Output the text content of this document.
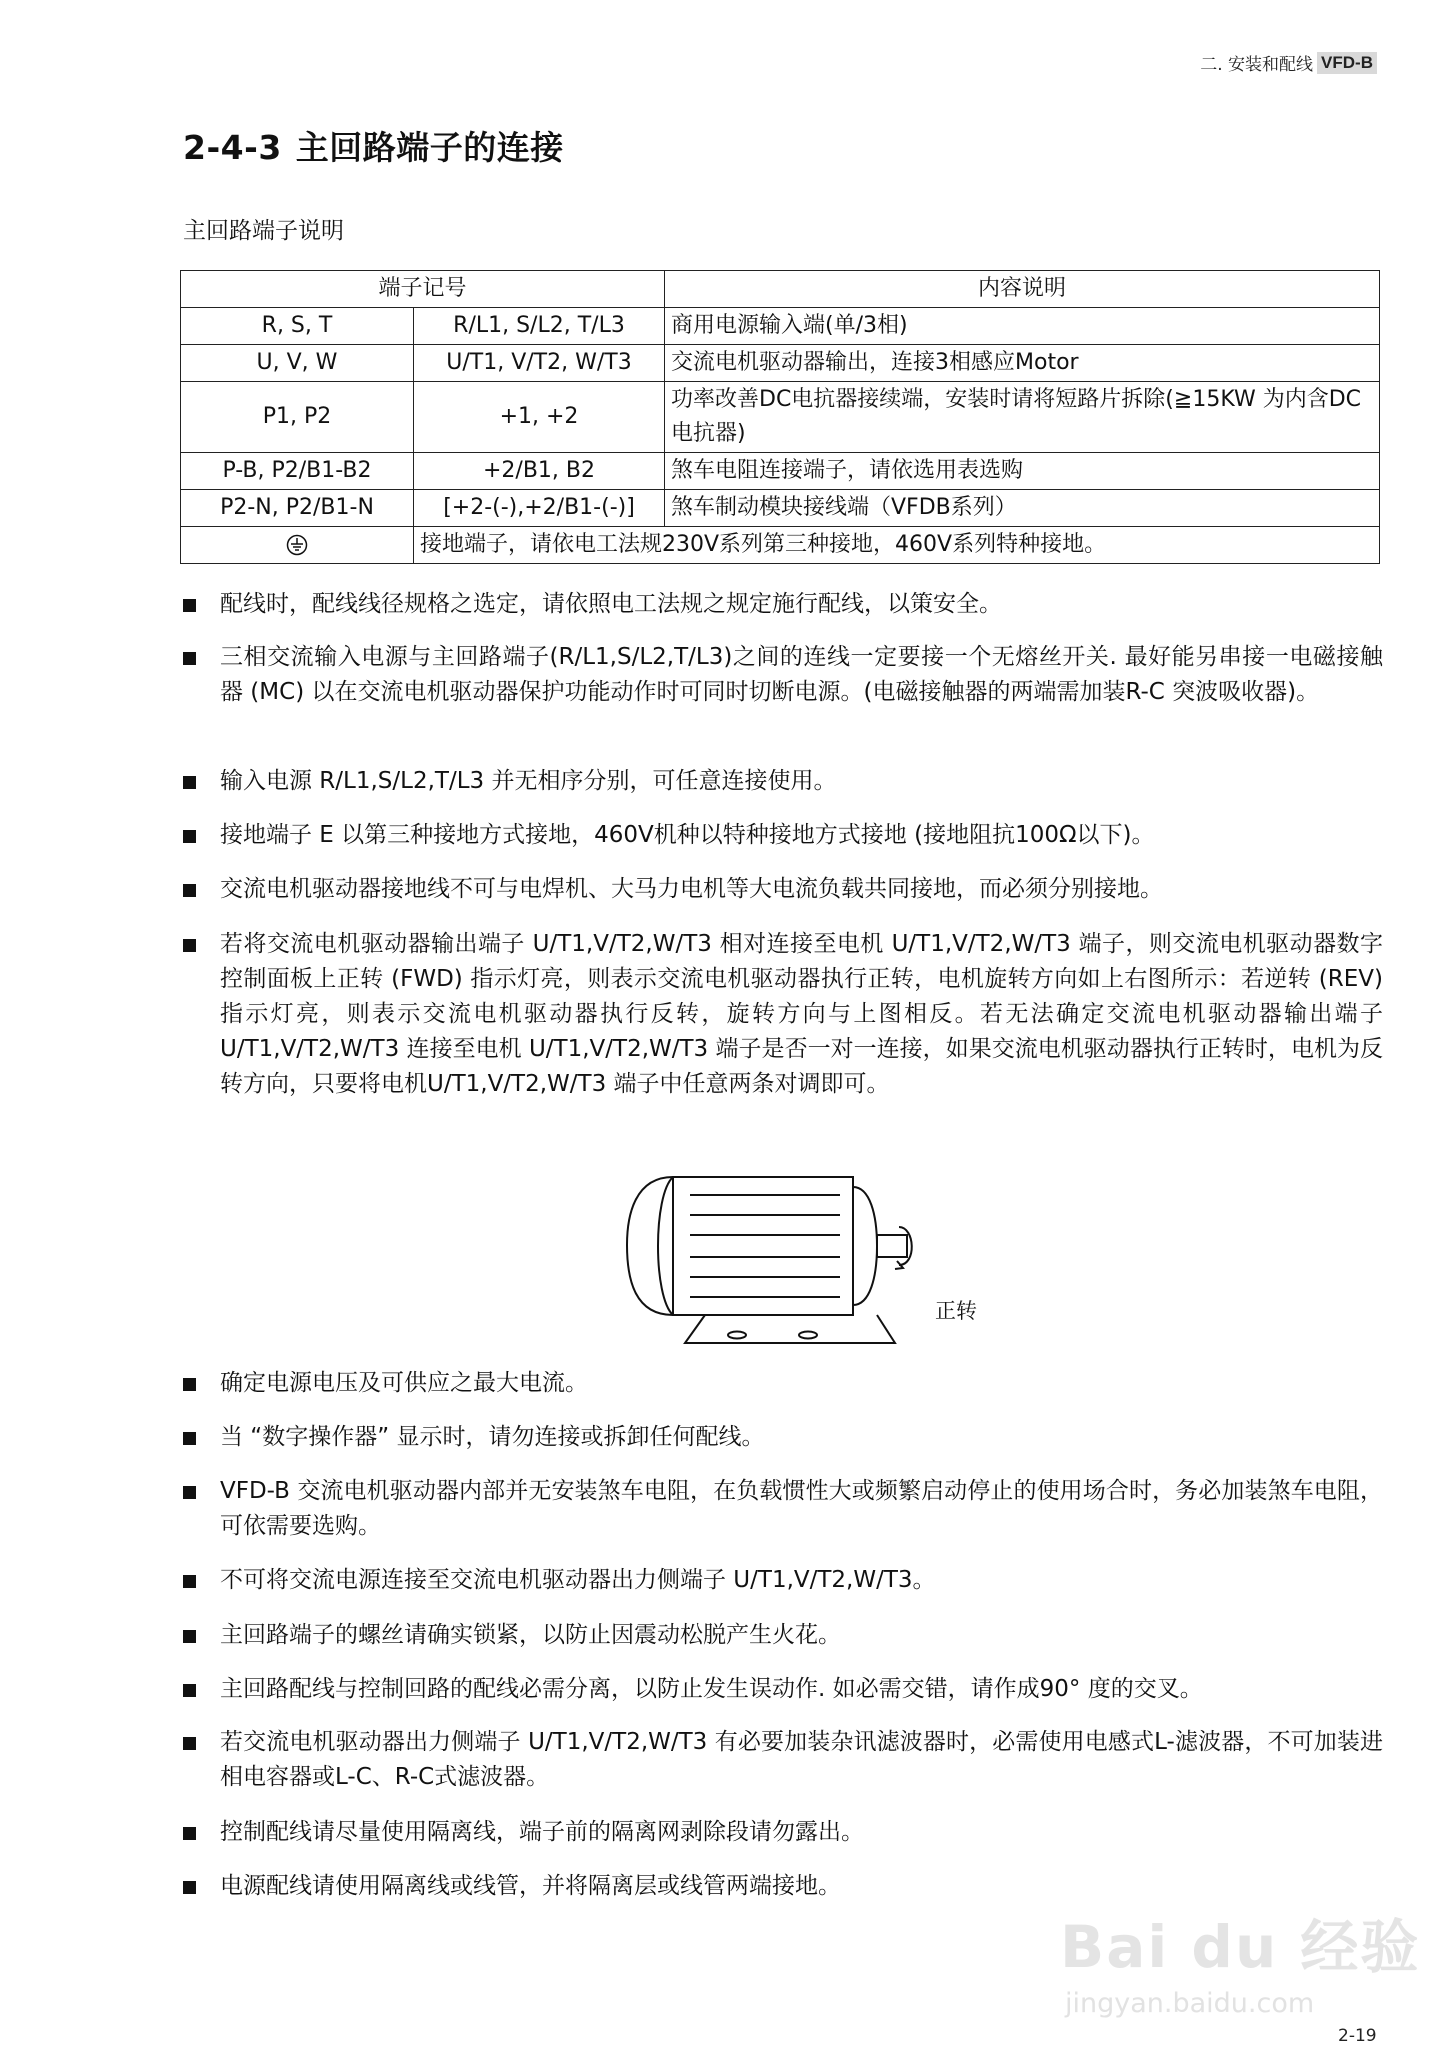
二. 安装和配线 VFD-B
2-4-3 主回路端子的连接
主回路端子说明
端子记号		内容说明
R, S, T	R/L1, S/L2, T/L3	商用电源输入端(单/3相)
U, V, W	U/T1, V/T2, W/T3	交流电机驱动器输出，连接3相感应Motor
P1, P2	+1, +2	功率改善DC电抗器接续端，安装时请将短路片拆除(≧15KW 为内含DC电抗器)
P-B, P2/B1-B2	+2/B1, B2	煞车电阻连接端子，请依选用表选购
P2-N, P2/B1-N	[+2-(-),+2/B1-(-)]	煞车制动模块接线端（VFDB系列）
	接地端子，请依电工法规230V系列第三种接地，460V系列特种接地。	
配线时，配线线径规格之选定，请依照电工法规之规定施行配线，以策安全。
三相交流输入电源与主回路端子(R/L1,S/L2,T/L3)之间的连线一定要接一个无熔丝开关. 最好能另串接一电磁接触器 (MC) 以在交流电机驱动器保护功能动作时可同时切断电源。(电磁接触器的两端需加装R-C 突波吸收器)。
输入电源 R/L1,S/L2,T/L3 并无相序分别，可任意连接使用。
接地端子 E 以第三种接地方式接地，460V机种以特种接地方式接地 (接地阻抗100Ω以下)。
交流电机驱动器接地线不可与电焊机、大马力电机等大电流负载共同接地，而必须分别接地。
若将交流电机驱动器输出端子 U/T1,V/T2,W/T3 相对连接至电机 U/T1,V/T2,W/T3 端子，则交流电机驱动器数字控制面板上正转 (FWD) 指示灯亮，则表示交流电机驱动器执行正转，电机旋转方向如上右图所示：若逆转 (REV) 指示灯亮，则表示交流电机驱动器执行反转，旋转方向与上图相反。若无法确定交流电机驱动器输出端子 U/T1,V/T2,W/T3 连接至电机 U/T1,V/T2,W/T3 端子是否一对一连接，如果交流电机驱动器执行正转时，电机为反转方向，只要将电机U/T1,V/T2,W/T3 端子中任意两条对调即可。
正转
确定电源电压及可供应之最大电流。
当 “数字操作器” 显示时，请勿连接或拆卸任何配线。
VFD-B 交流电机驱动器内部并无安装煞车电阻，在负载惯性大或频繁启动停止的使用场合时，务必加装煞车电阻，可依需要选购。
不可将交流电源连接至交流电机驱动器出力侧端子 U/T1,V/T2,W/T3。
主回路端子的螺丝请确实锁紧，以防止因震动松脱产生火花。
主回路配线与控制回路的配线必需分离，以防止发生误动作. 如必需交错，请作成90° 度的交叉。
若交流电机驱动器出力侧端子 U/T1,V/T2,W/T3 有必要加装杂讯滤波器时，必需使用电感式L-滤波器，不可加装进相电容器或L-C、R-C式滤波器。
控制配线请尽量使用隔离线，端子前的隔离网剥除段请勿露出。
电源配线请使用隔离线或线管，并将隔离层或线管两端接地。
Bai du 经验
jingyan.baidu.com
2-19
